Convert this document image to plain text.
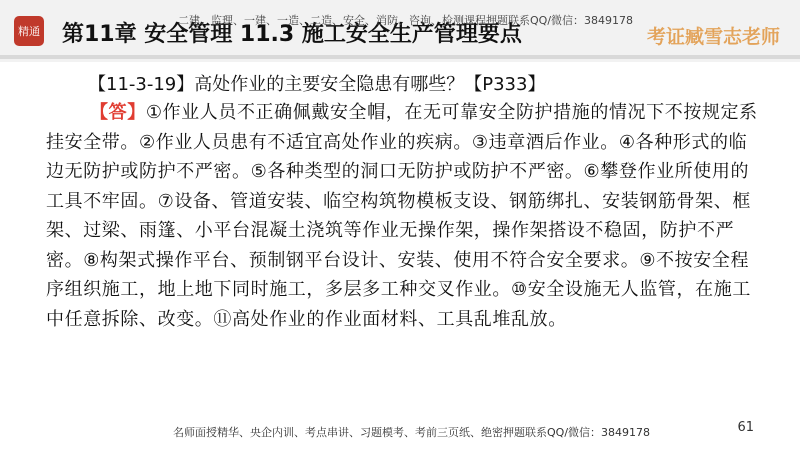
精通 第11章 安全管理 11.3 施工安全生产管理要点
二建、监理、一建、一造、二造、安全、消防、咨询、检测课程押题联系QQ/微信：3849178
考证臧雪志老师
【11-3-19】高处作业的主要安全隐患有哪些？【P333】
【答】①作业人员不正确佩戴安全帽，在无可靠安全防护措施的情况下不按规定系挂安全带。②作业人员患有不适宜高处作业的疾病。③违章酒后作业。④各种形式的临边无防护或防护不严密。⑤各种类型的洞口无防护或防护不严密。⑥攀登作业所使用的工具不牢固。⑦设备、管道安装、临空构筑物模板支设、钢筋绑扎、安装钢筋骨架、框架、过梁、雨篷、小平台混凝土浇筑等作业无操作架，操作架搭设不稳固，防护不严密。⑧构架式操作平台、预制钢平台设计、安装、使用不符合安全要求。⑨不按安全程序组织施工，地上地下同时施工，多层多工种交叉作业。⑩安全设施无人监管，在施工中任意拆除、改变。⑪高处作业的作业面材料、工具乱堆乱放。
名师面授精华、央企内训、考点串讲、习题模考、考前三页纸、绝密押题联系QQ/微信：3849178	61
